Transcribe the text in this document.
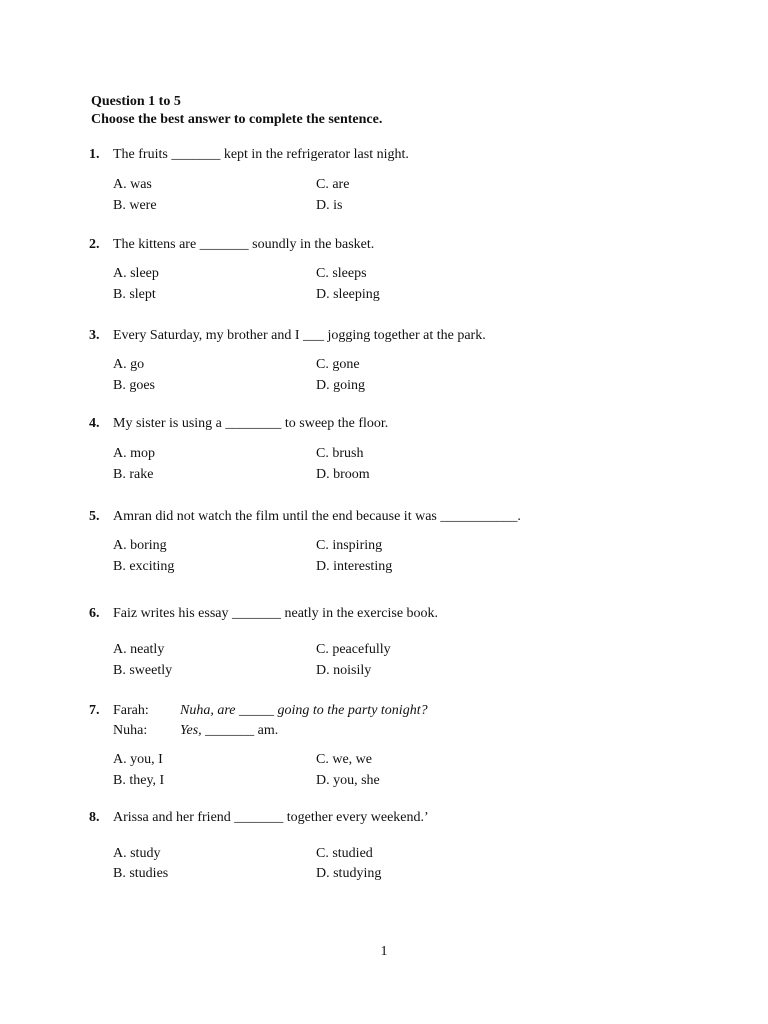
Question 1 to 5
Choose the best answer to complete the sentence.
1. The fruits _______ kept in the refrigerator last night.
A. was	C. are
B. were	D. is
2. The kittens are _______ soundly in the basket.
A. sleep	C. sleeps
B. slept	D. sleeping
3. Every Saturday, my brother and I ___ jogging together at the park.
A. go	C. gone
B. goes	D. going
4. My sister is using a ________ to sweep the floor.
A. mop	C. brush
B. rake	D. broom
5. Amran did not watch the film until the end because it was ___________.
A. boring	C. inspiring
B. exciting	D. interesting
6. Faiz writes his essay _______ neatly in the exercise book.
A. neatly	C. peacefully
B. sweetly	D. noisily
7. Farah: Nuha, are _____ going to the party tonight?
Nuha: Yes, _______ am.
A. you, I	C. we, we
B. they, I	D. you, she
8. Arissa and her friend _______ together every weekend.’
A. study	C. studied
B. studies	D. studying
1
